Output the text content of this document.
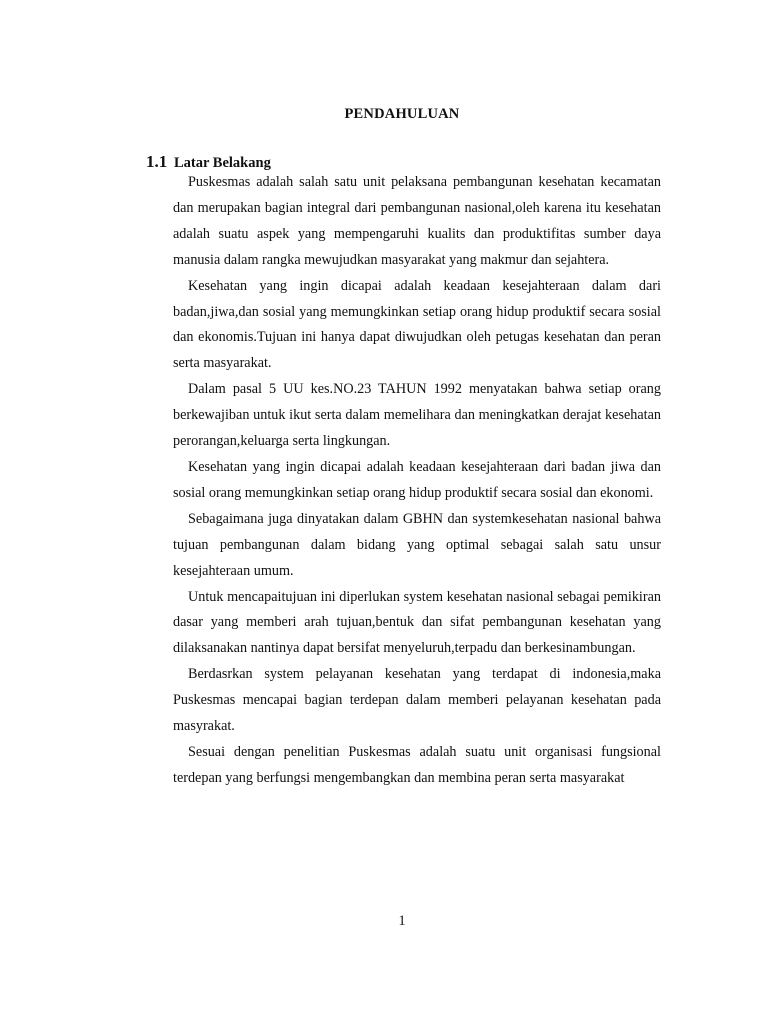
PENDAHULUAN
1.1 Latar Belakang

Puskesmas adalah salah satu unit pelaksana pembangunan kesehatan kecamatan dan merupakan bagian integral dari pembangunan nasional,oleh karena itu kesehatan adalah suatu aspek yang mempengaruhi kualits dan produktifitas sumber daya manusia dalam rangka mewujudkan masyarakat yang makmur dan sejahtera.

Kesehatan yang ingin dicapai adalah keadaan kesejahteraan dalam dari badan,jiwa,dan sosial yang memungkinkan setiap orang hidup produktif secara sosial dan ekonomis.Tujuan ini hanya dapat diwujudkan oleh petugas kesehatan dan peran serta masyarakat.

Dalam pasal 5 UU kes.NO.23 TAHUN 1992 menyatakan bahwa setiap orang berkewajiban untuk ikut serta dalam memelihara dan meningkatkan derajat kesehatan perorangan,keluarga serta lingkungan.

Kesehatan yang ingin dicapai adalah keadaan kesejahteraan dari badan jiwa dan sosial orang memungkinkan setiap orang hidup produktif secara sosial dan ekonomi.

Sebagaimana juga dinyatakan dalam GBHN dan systemkesehatan nasional bahwa tujuan pembangunan dalam bidang yang optimal sebagai salah satu unsur kesejahteraan umum.

Untuk mencapaitujuan ini diperlukan system kesehatan nasional sebagai pemikiran dasar yang memberi arah tujuan,bentuk dan sifat pembangunan kesehatan yang dilaksanakan nantinya dapat bersifat menyeluruh,terpadu dan berkesinambungan.

Berdasrkan system pelayanan kesehatan yang terdapat di indonesia,maka Puskesmas mencapai bagian terdepan dalam memberi pelayanan kesehatan pada masyrakat.

Sesuai dengan penelitian Puskesmas adalah suatu unit organisasi fungsional terdepan yang berfungsi mengembangkan dan membina peran serta masyarakat

1
